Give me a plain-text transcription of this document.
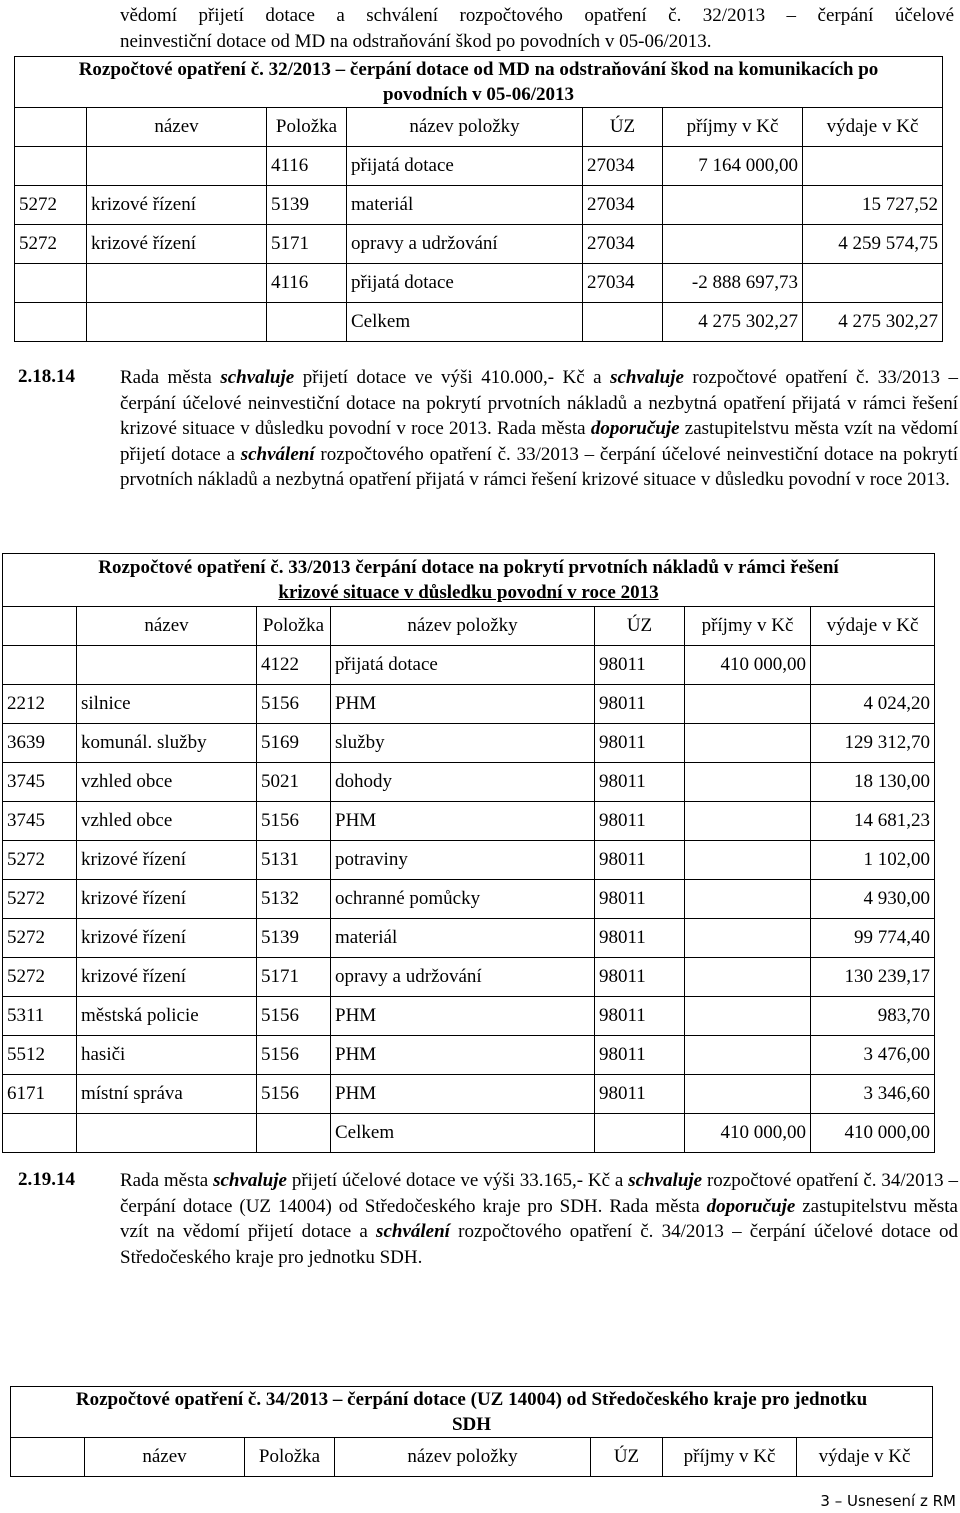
vědomí přijetí dotace a schválení rozpočtového opatření č. 32/2013 – čerpání účelové
neinvestiční dotace od MD na odstraňování škod po povodních v 05-06/2013.
Rozpočtové opatření č. 32/2013 – čerpání dotace od MD na odstraňování škod na komunikacích po
povodních v 05-06/2013						

	název	Položka	název položky	ÚZ	příjmy v Kč	výdaje v Kč
		4116	přijatá dotace	27034	7 164 000,00	
5272	krizové řízení	5139	materiál	27034		15 727,52
5272	krizové řízení	5171	opravy a udržování	27034		4 259 574,75
		4116	přijatá dotace	27034	-2 888 697,73	
			Celkem		4 275 302,27	4 275 302,27
2.18.14 Rada města schvaluje přijetí dotace ve výši 410.000,- Kč a schvaluje rozpočtové opatření č. 33/2013 – čerpání účelové neinvestiční dotace na pokrytí prvotních nákladů a nezbytná opatření přijatá v rámci řešení krizové situace v důsledku povodní v roce 2013. Rada města doporučuje zastupitelstvu města vzít na vědomí přijetí dotace a schválení rozpočtového opatření č. 33/2013 – čerpání účelové neinvestiční dotace na pokrytí prvotních nákladů a nezbytná opatření přijatá v rámci řešení krizové situace v důsledku povodní v roce 2013.
Rozpočtové opatření č. 33/2013 čerpání dotace na pokrytí prvotních nákladů v rámci řešení
krizové situace v důsledku povodní v roce 2013						

	název	Položka	název položky	ÚZ	příjmy v Kč	výdaje v Kč
		4122	přijatá dotace	98011	410 000,00	
2212	silnice	5156	PHM	98011		4 024,20
3639	komunál. služby	5169	služby	98011		129 312,70
3745	vzhled obce	5021	dohody	98011		18 130,00
3745	vzhled obce	5156	PHM	98011		14 681,23
5272	krizové řízení	5131	potraviny	98011		1 102,00
5272	krizové řízení	5132	ochranné pomůcky	98011		4 930,00
5272	krizové řízení	5139	materiál	98011		99 774,40
5272	krizové řízení	5171	opravy a udržování	98011		130 239,17
5311	městská policie	5156	PHM	98011		983,70
5512	hasiči	5156	PHM	98011		3 476,00
6171	místní správa	5156	PHM	98011		3 346,60
			Celkem		410 000,00	410 000,00
2.19.14 Rada města schvaluje přijetí účelové dotace ve výši 33.165,- Kč a schvaluje rozpočtové opatření č. 34/2013 – čerpání dotace (UZ 14004) od Středočeského kraje pro SDH. Rada města doporučuje zastupitelstvu města vzít na vědomí přijetí dotace a schválení rozpočtového opatření č. 34/2013 – čerpání účelové dotace od Středočeského kraje pro jednotku SDH.
Rozpočtové opatření č. 34/2013 – čerpání dotace (UZ 14004) od Středočeského kraje pro jednotku
SDH

	název	Položka	název položky	ÚZ	příjmy v Kč	výdaje v Kč
3 – Usnesení z RM
